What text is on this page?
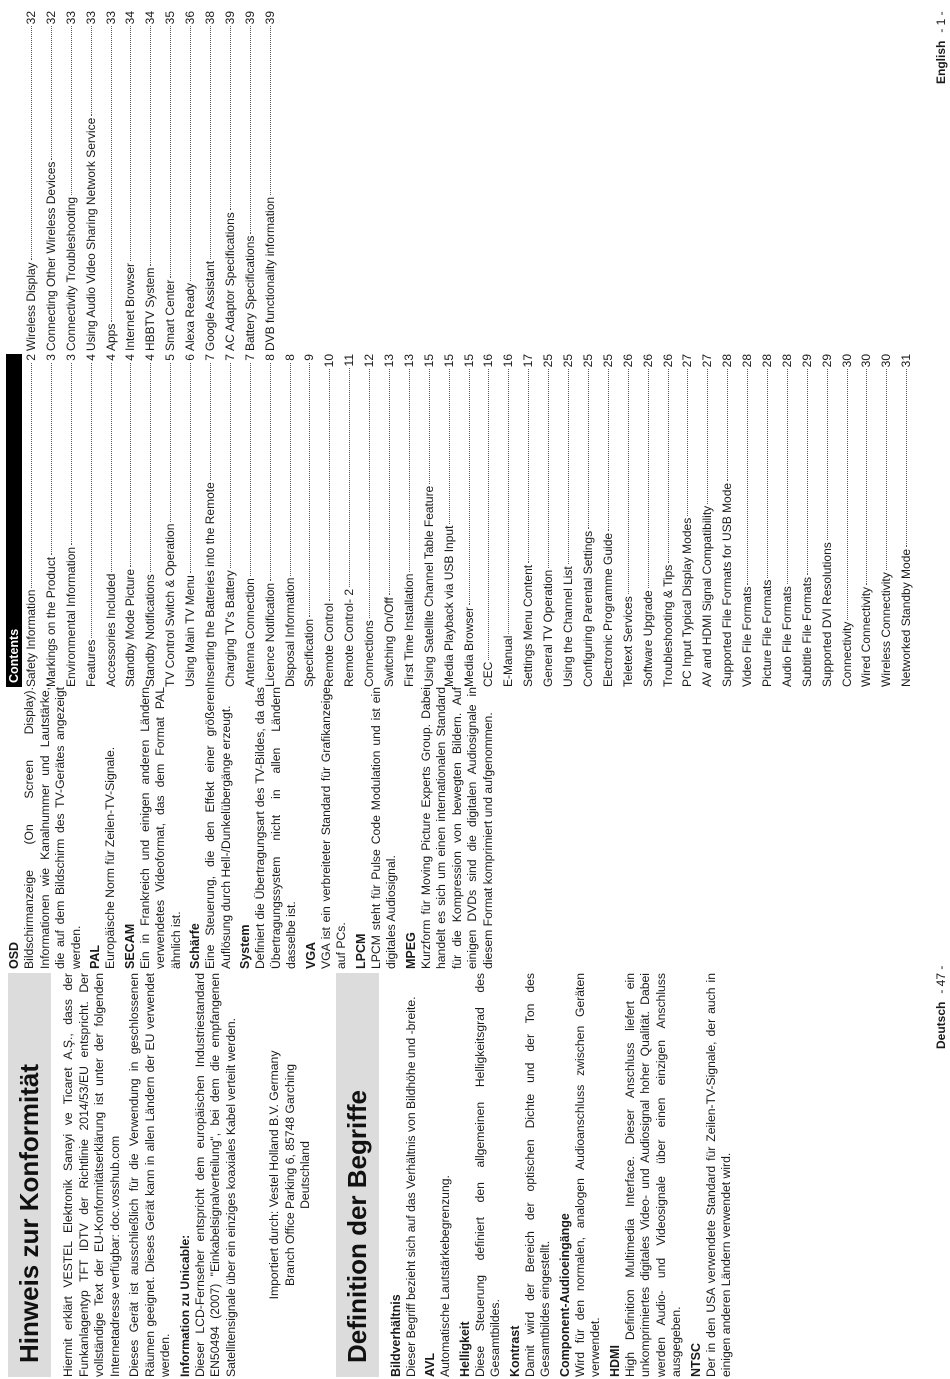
Hinweis zur Konformität	Hiermit erklärt VESTEL Elektronik Sanayi ve Ticaret A.Ş., dass der Funkanlagentyp TFT IDTV der Richtlinie 2014/53/EU entspricht. Der vollständige Text der EU-Konformitätserklärung ist unter der folgenden Internetadresse verfügbar: doc.vosshub.com Dieses Gerät ist ausschließlich für die Verwendung in geschlossenen Räumen geeignet. Dieses Gerät kann in allen Ländern der EU verwendet werden. Information zu Unicable: Dieser LCD-Fernseher entspricht dem europäischen Industriestandard EN50494 (2007) "Einkabelsignalverteilung", bei dem die empfangenen Satellitensignale über ein einziges koaxiales Kabel verteilt werden. Importiert durch: Vestel Holland B.V. Germany Branch Office Parking 6, 85748 Garching Deutschland Definition der Begriffe	Bildverhältnis Dieser Begriff bezieht sich auf das Verhältnis von Bildhöhe und -breite. AVL Automatische Lautstärkebegrenzung. Helligkeit Diese Steuerung definiert den allgemeinen Helligkeitsgrad des Gesamtbildes. Kontrast Damit wird der Bereich der optischen Dichte und der Ton des Gesamtbildes eingestellt. Component-Audioeingänge Wird für den normalen, analogen Audioanschluss zwischen Geräten verwendet. HDMI High Definition Multimedia Interface. Dieser Anschluss liefert ein unkomprimiertes digitales Video- und Audiosignal hoher Qualität. Dabei werden Audio- und Videosignale über einen einzigen Anschluss ausgegeben. NTSC Der in den USA verwendete Standard für Zeilen-TV-Signale, der auch in einigen anderen Ländern verwendet wird.

OSD Bildschirmanzeige (On Screen Display). Informationen wie Kanalnummer und Lautstärke, die auf dem Bildschirm des TV-Gerätes angezeigt werden. PAL Europäische Norm für Zeilen-TV-Signale. SECAM Ein in Frankreich und einigen anderen Ländern verwendetes Videoformat, das dem Format PAL ähnlich ist. Schärfe Eine Steuerung, die den Effekt einer größeren Auflösung durch Hell-/Dunkelübergänge erzeugt. System Definiert die Übertragungsart des TV-Bildes, da das Übertragungssystem nicht in allen Ländern dasselbe ist. VGA VGA ist ein verbreiteter Standard für Grafikanzeige auf PCs. LPCM LPCM steht für Pulse Code Modulation und ist ein digitales Audiosignal. MPEG Kurzform für Moving Picture Experts Group. Dabei handelt es sich um einen internationalen Standard für die Kompression von bewegten Bildern. Auf einigen DVDs sind die digitalen Audiosignale in diesem Format komprimiert und aufgenommen.

Deutsch- 47 -
Contents Safety Information
2
Markings on the Product
3
Environmental Information
3
Features
4
Accessories Included
4
Standby Mode Picture
4
Standby Notifications
4
TV Control Switch & Operation
5
Using Main TV Menu
6
Inserting the Batteries into the Remote
7
Charging TV's Battery
7
Antenna Connection
7
Licence Notification
8
Disposal Information
8
Specification
9
Remote Control
10
Remote Control- 2
11
Connections
12
Switching On/Off
13
First Time Installation
13
Using Satellite Channel Table Feature
15
Media Playback via USB Input
15
Media Browser
15
CEC
16
E-Manual
16
Settings Menu Content
17
General TV Operation
25
Using the Channel List
25
Configuring Parental Settings
25
Electronic Programme Guide
25
Teletext Services
26
Software Upgrade
26
Troubleshooting & Tips
26
PC Input Typical Display Modes
27
AV and HDMI Signal Compatibility
27
Supported File Formats for USB Mode
28
Video File Formats
28
Picture File Formats
28
Audio File Formats
28
Subtitle File Formats
29
Supported DVI Resolutions
29
Connectivity
30
Wired Connectivity
30
Wireless Connectivity
30
Networked Standby Mode
31
Wireless Display
32
Connecting Other Wireless Devices
32
Connectivity Troubleshooting
33
Using Audio Video Sharing Network Service
33
Apps
33
Internet Browser
34
HBBTV System
34
Smart Center
35
Alexa Ready
36
Google Assistant
38
AC Adaptor Specifications
39
Battery Specifications
39
DVB functionality information
39
English- 1 -
